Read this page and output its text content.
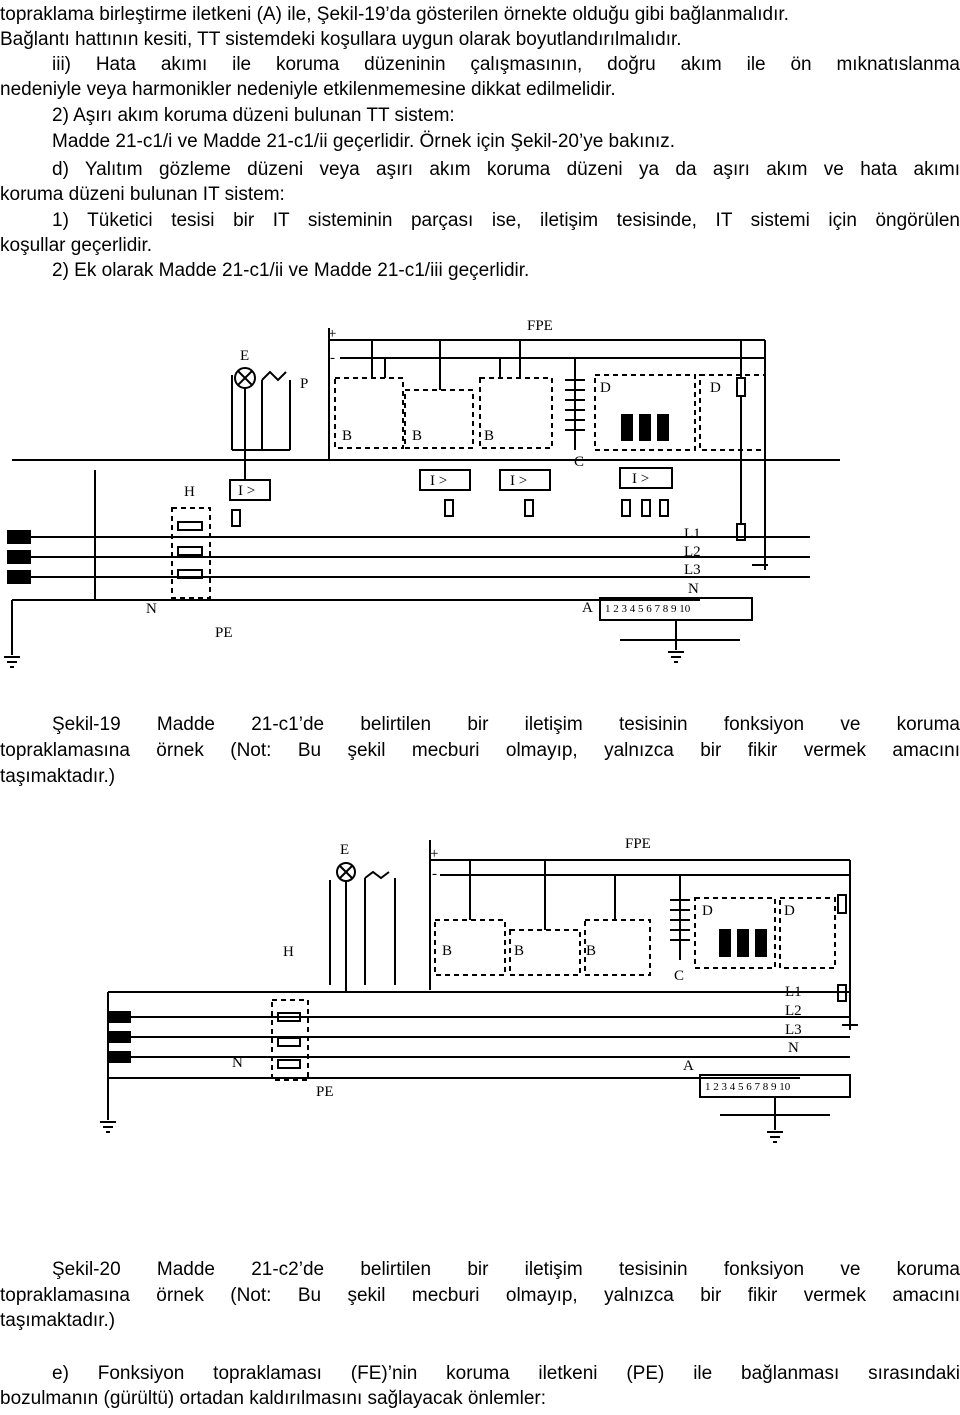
topraklama birleştirme iletkeni (A) ile, Şekil-19’da gösterilen örnekte olduğu gibi bağlanmalıdır.
Bağlantı hattının kesiti, TT sistemdeki koşullara uygun olarak boyutlandırılmalıdır.
iii) Hata akımı ile koruma düzeninin çalışmasının, doğru akım ile ön mıknatıslanma
nedeniyle veya harmonikler nedeniyle etkilenmemesine dikkat edilmelidir.
2) Aşırı akım koruma düzeni bulunan TT sistem:
Madde 21-c1/i ve Madde 21-c1/ii geçerlidir. Örnek için Şekil-20’ye bakınız.
d) Yalıtım gözleme düzeni veya aşırı akım koruma düzeni ya da aşırı akım ve hata akımı
koruma düzeni bulunan IT sistem:
1) Tüketici tesisi bir IT sisteminin parçası ise, iletişim tesisinde, IT sistemi için öngörülen
koşullar geçerlidir.
2) Ek olarak Madde 21-c1/ii ve Madde 21-c1/iii geçerlidir.
+
-
FPE
E
P
H	I >
I >	I >	I >
B	B	B
C
D	D
L1
L2
L3
N
N
PE
A 1 2 3 4 5 6 7 8 9 10
Şekil-19 Madde 21-c1’de belirtilen bir iletişim tesisinin fonksiyon ve koruma
topraklamasına örnek (Not: Bu şekil mecburi olmayıp, yalnızca bir fikir vermek amacını
taşımaktadır.)
+
-
FPE
E
H	B	B	B
C
D	D
L1
L2
L3
N
N
PE
A
1 2 3 4 5 6 7 8 9 10
Şekil-20 Madde 21-c2’de belirtilen bir iletişim tesisinin fonksiyon ve koruma
topraklamasına örnek (Not: Bu şekil mecburi olmayıp, yalnızca bir fikir vermek amacını
taşımaktadır.)
e) Fonksiyon topraklaması (FE)’nin koruma iletkeni (PE) ile bağlanması sırasındaki
bozulmanın (gürültü) ortadan kaldırılmasını sağlayacak önlemler:
